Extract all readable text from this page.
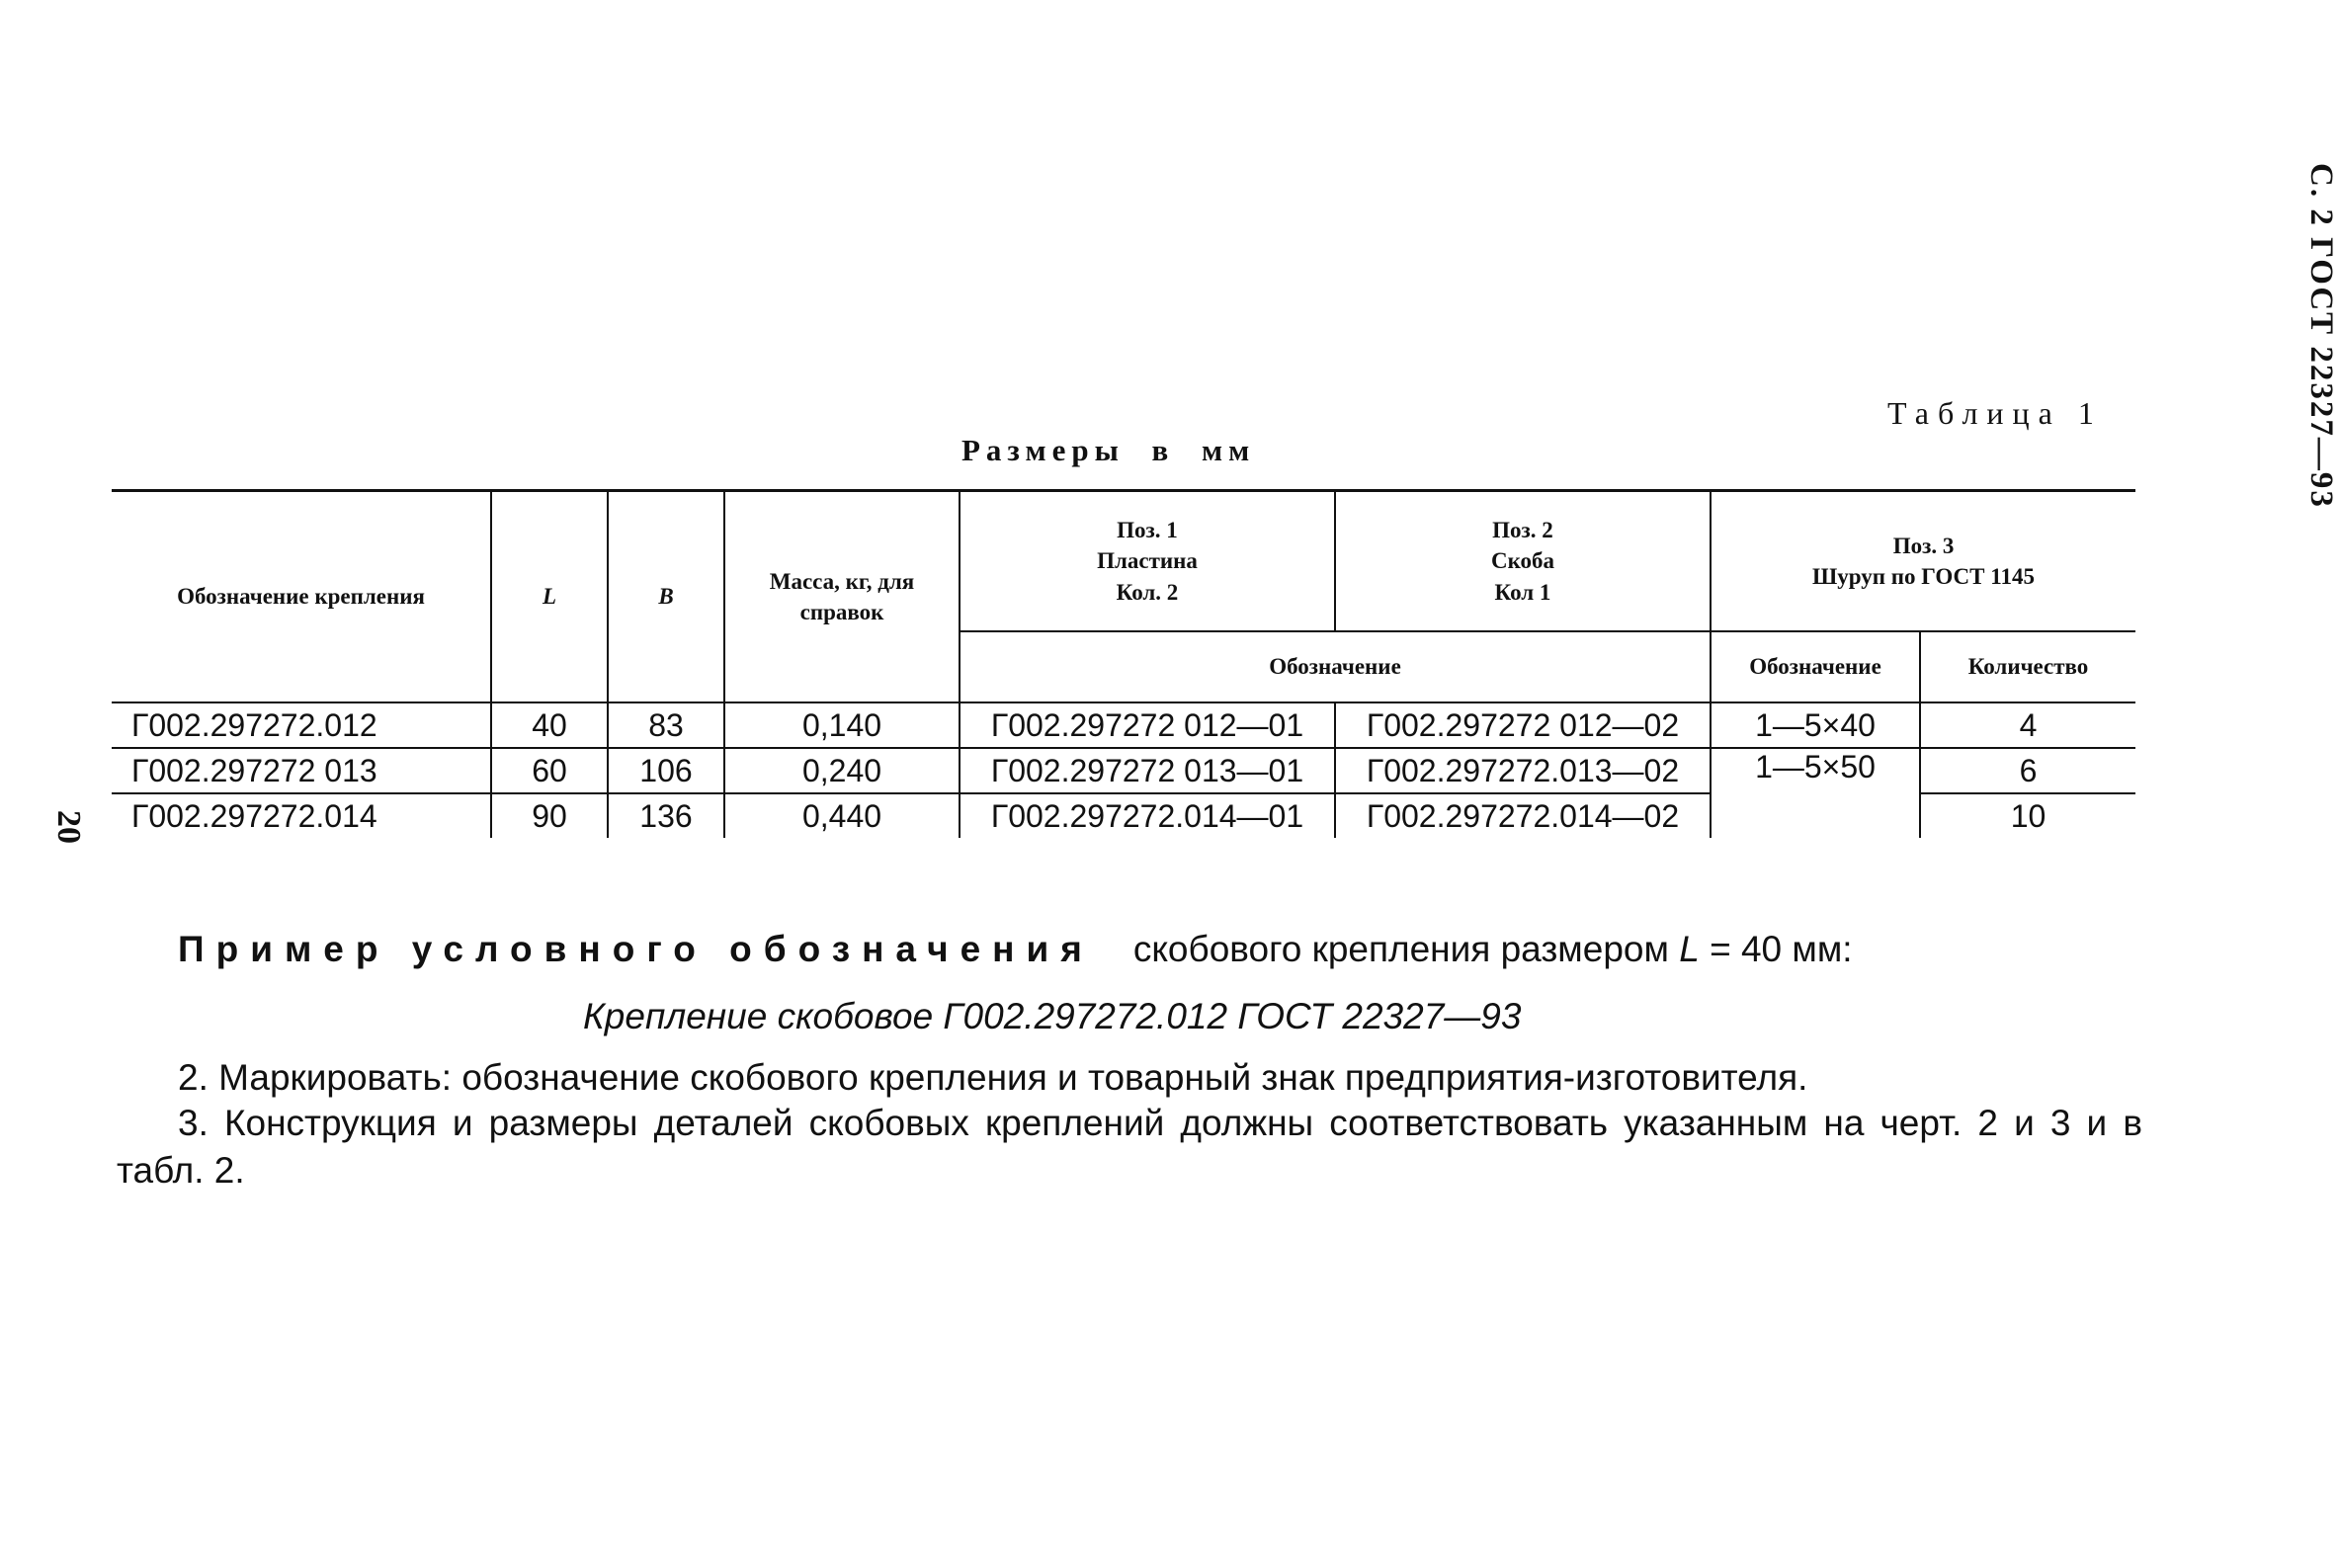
С. 2 ГОСТ 22327—93
20
Таблица 1
Размеры в мм
Обозначение крепления	L	B	Масса, кг, для справок	Поз. 1
Пластина
Кол. 2	Поз. 2
Скоба
Кол 1	Поз. 3
Шуруп по ГОСТ 1145	
				Обозначение		Обозначение	Количество
Г002.297272.012	40	83	0,140	Г002.297272 012—01	Г002.297272 012—02	1—5×40	4
Г002.297272 013	60	106	0,240	Г002.297272 013—01	Г002.297272.013—02	1—5×50	6
Г002.297272.014	90	136	0,440	Г002.297272.014—01	Г002.297272.014—02		10
Пример условного обозначения скобового крепления размером L = 40 мм:
Крепление скобовое Г002.297272.012 ГОСТ 22327—93
2. Маркировать: обозначение скобового крепления и товарный знак предприятия-изготовителя.
3. Конструкция и размеры деталей скобовых креплений должны соответствовать указанным на черт. 2 и 3 и в табл. 2.
